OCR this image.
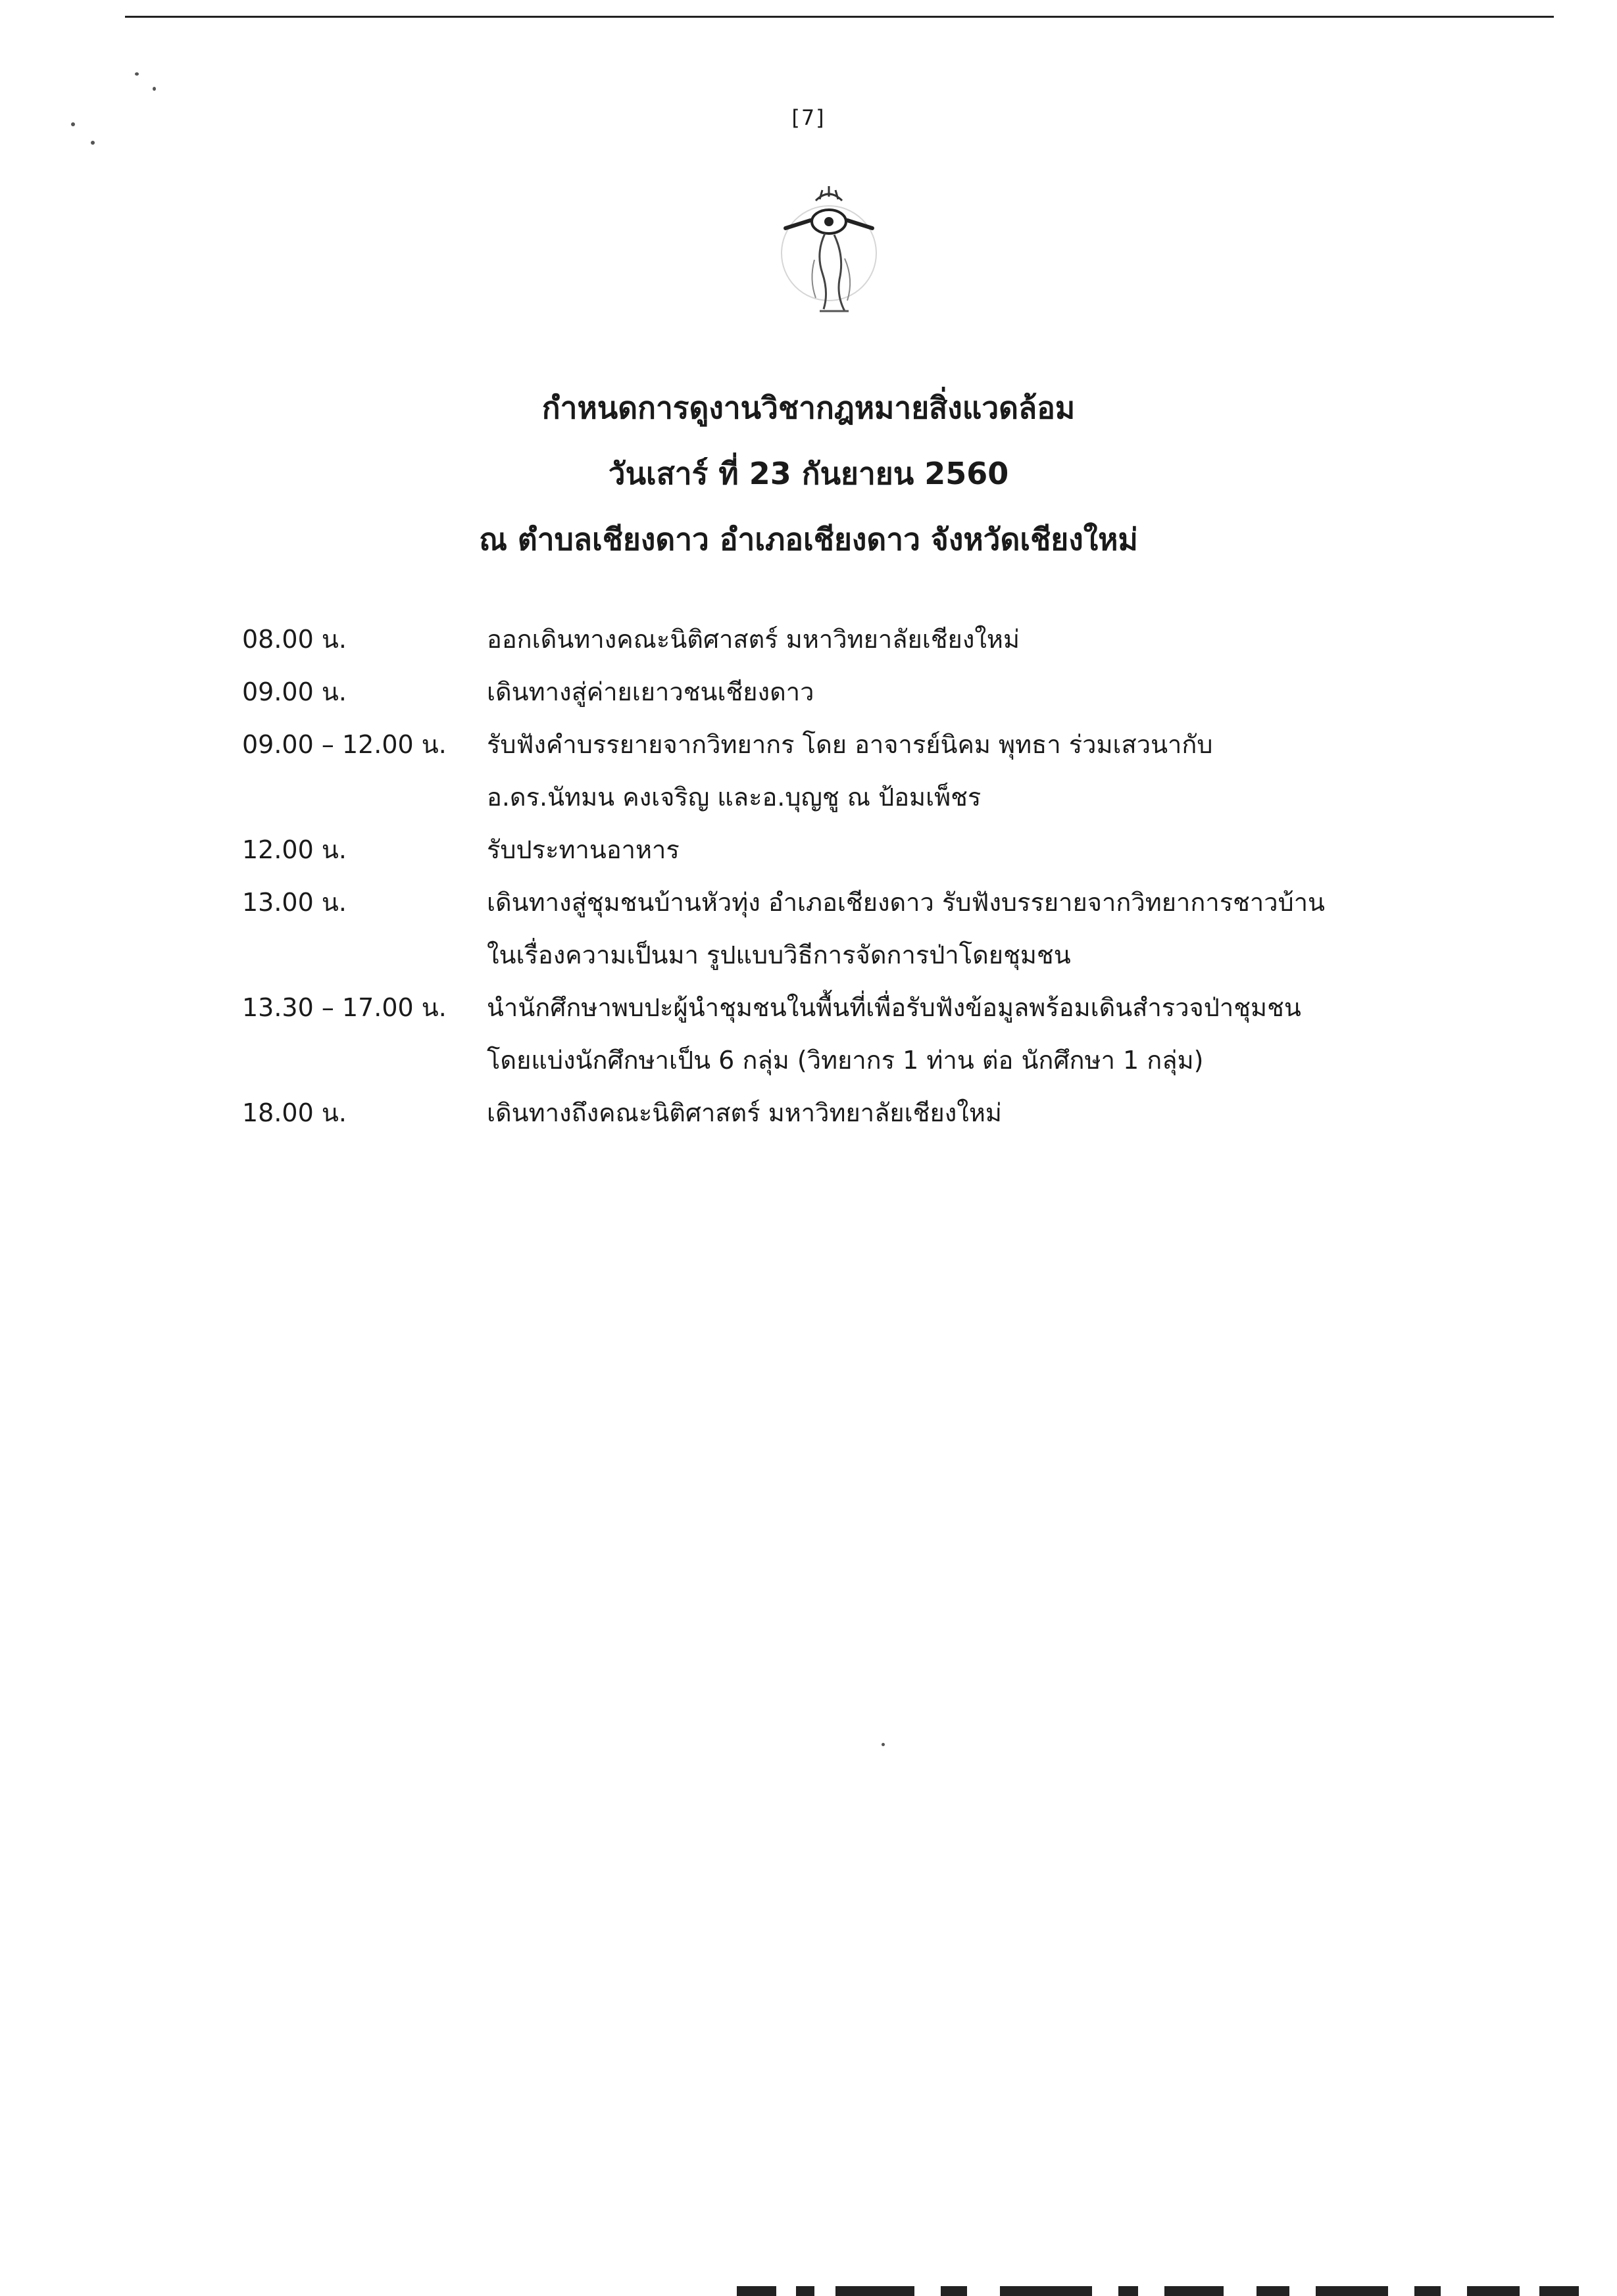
[7]
กำหนดการดูงานวิชากฎหมายสิ่งแวดล้อม
วันเสาร์ ที่ 23 กันยายน 2560
ณ ตำบลเชียงดาว อำเภอเชียงดาว จังหวัดเชียงใหม่
08.00 น.	ออกเดินทางคณะนิติศาสตร์ มหาวิทยาลัยเชียงใหม่
09.00 น.	เดินทางสู่ค่ายเยาวชนเชียงดาว
09.00 – 12.00 น.	รับฟังคำบรรยายจากวิทยากร โดย อาจารย์นิคม พุทธา ร่วมเสวนากับ
อ.ดร.นัทมน คงเจริญ และอ.บุญชู ณ ป้อมเพ็ชร
12.00 น.	รับประทานอาหาร
13.00 น.	เดินทางสู่ชุมชนบ้านหัวทุ่ง อำเภอเชียงดาว รับฟังบรรยายจากวิทยาการชาวบ้าน
ในเรื่องความเป็นมา รูปแบบวิธีการจัดการป่าโดยชุมชน
13.30 – 17.00 น.	นำนักศึกษาพบปะผู้นำชุมชนในพื้นที่เพื่อรับฟังข้อมูลพร้อมเดินสำรวจป่าชุมชน
โดยแบ่งนักศึกษาเป็น 6 กลุ่ม (วิทยากร 1 ท่าน ต่อ นักศึกษา 1 กลุ่ม)
18.00 น.	เดินทางถึงคณะนิติศาสตร์ มหาวิทยาลัยเชียงใหม่
